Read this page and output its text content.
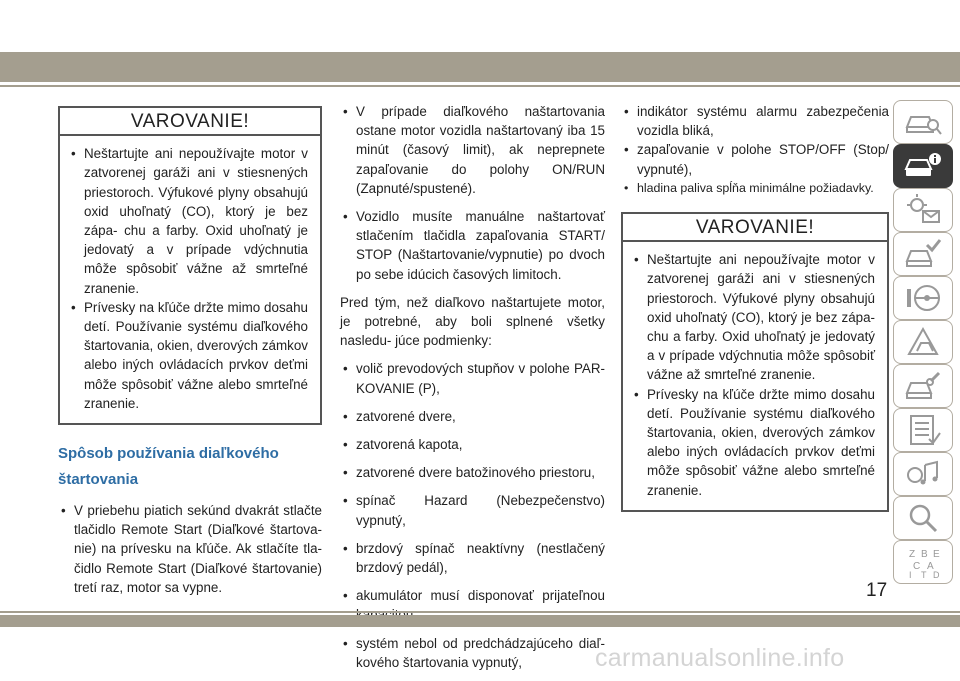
VAROVANIE!
• Neštartujte ani nepoužívajte motor v zatvorenej garáži ani v stiesnených priestoroch. Výfukové plyny obsahujú oxid uhoľnatý (CO), ktorý je bez zápa- chu a farby. Oxid uhoľnatý je jedovatý a v prípade vdýchnutia môže spôsobiť vážne až smrteľné zranenie.
• Prívesky na kľúče držte mimo dosahu detí. Používanie systému diaľkového štartovania, okien, dverových zámkov alebo iných ovládacích prvkov deťmi môže spôsobiť vážne alebo smrteľné zranenie.
Spôsob používania diaľkového
štartovania
• V priebehu piatich sekúnd dvakrát stlačte tlačidlo Remote Start (Diaľkové štartova- nie) na prívesku na kľúče. Ak stlačíte tla- čidlo Remote Start (Diaľkové štartovanie) tretí raz, motor sa vypne.
• V prípade diaľkového naštartovania ostane motor vozidla naštartovaný iba 15 minút (časový limit), ak neprepnete zapaľovanie do polohy ON/RUN (Zapnuté/spustené).
• Vozidlo musíte manuálne naštartovať stlačením tlačidla zapaľovania START/ STOP (Naštartovanie/vypnutie) po dvoch po sebe idúcich časových limitoch.

Pred tým, než diaľkovo naštartujete motor, je potrebné, aby boli splnené všetky nasledu- júce podmienky:

• volič prevodových stupňov v polohe PAR- KOVANIE (P),
• zatvorené dvere,
• zatvorená kapota,
• zatvorené dvere batožinového priestoru,
• spínač Hazard (Nebezpečenstvo) vypnutý,
• brzdový spínač neaktívny (nestlačený brzdový pedál),
• akumulátor musí disponovať prijateľnou
• systém nebol od predchádzajúceho diaľ- kového štartovania vypnutý,
• indikátor systému alarmu zabezpečenia vozidla bliká,
• zapaľovanie v polohe STOP/OFF (Stop/ vypnuté),
• hladina paliva spĺňa minimálne požiadavky.
VAROVANIE!
• Neštartujte ani nepoužívajte motor v zatvorenej garáži ani v stiesnených priestoroch. Výfukové plyny obsahujú oxid uhoľnatý (CO), ktorý je bez zápa- chu a farby. Oxid uhoľnatý je jedovatý a v prípade vdýchnutia môže spôsobiť vážne až smrteľné zranenie.
• Prívesky na kľúče držte mimo dosahu detí. Používanie systému diaľkového štartovania, okien, dverových zámkov alebo iných ovládacích prvkov deťmi môže spôsobiť vážne alebo smrteľné zranenie.
Z B E
C A
I T D
17
carmanualsonline.info
